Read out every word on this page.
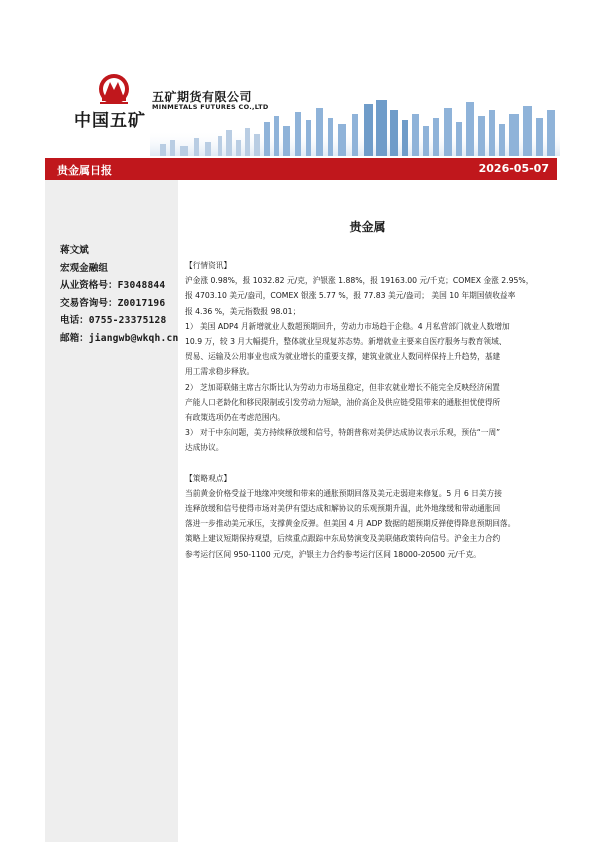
中国五矿
五矿期货有限公司
MINMETALS FUTURES CO.,LTD
贵金属日报	2026-05-07
蒋文斌
宏观金融组
从业资格号：F3048844
交易咨询号：Z0017196
电话：0755-23375128
邮箱：jiangwb@wkqh.cn
贵金属

【行情资讯】

沪金涨 0.98%，报 1032.82 元/克，沪银涨 1.88%，报 19163.00 元/千克；COMEX 金涨 2.95%，

报 4703.10 美元/盎司，COMEX 银涨 5.77 %，报 77.83 美元/盎司； 美国 10 年期国债收益率

报 4.36 %，美元指数报 98.01；

1） 美国 ADP4 月新增就业人数超预期回升，劳动力市场趋于企稳。4 月私营部门就业人数增加

10.9 万，较 3 月大幅提升，整体就业呈现复苏态势。新增就业主要来自医疗服务与教育领域、

贸易、运输及公用事业也成为就业增长的重要支撑，建筑业就业人数同样保持上升趋势，基建

用工需求稳步释放。

2） 芝加哥联储主席古尔斯比认为劳动力市场虽稳定，但非农就业增长不能完全反映经济闲置

产能人口老龄化和移民限制或引发劳动力短缺，油价高企及供应链受阻带来的通胀担忧使得所

有政策选项仍在考虑范围内。

3） 对于中东问题，美方持续释放缓和信号，特朗普称对美伊达成协议表示乐观，预估“一周”

达成协议。

【策略观点】

当前黄金价格受益于地缘冲突缓和带来的通胀预期回落及美元走弱迎来修复。5 月 6 日美方接

连释放缓和信号使得市场对美伊有望达成和解协议的乐观预期升温，此外地缘缓和带动通胀回

落进一步推动美元承压，支撑黄金反弹。但美国 4 月 ADP 数据的超预期反弹使得降息预期回落。

策略上建议短期保持观望，后续重点跟踪中东局势演变及美联储政策转向信号。沪金主力合约

参考运行区间 950-1100 元/克，沪银主力合约参考运行区间 18000-20500 元/千克。
